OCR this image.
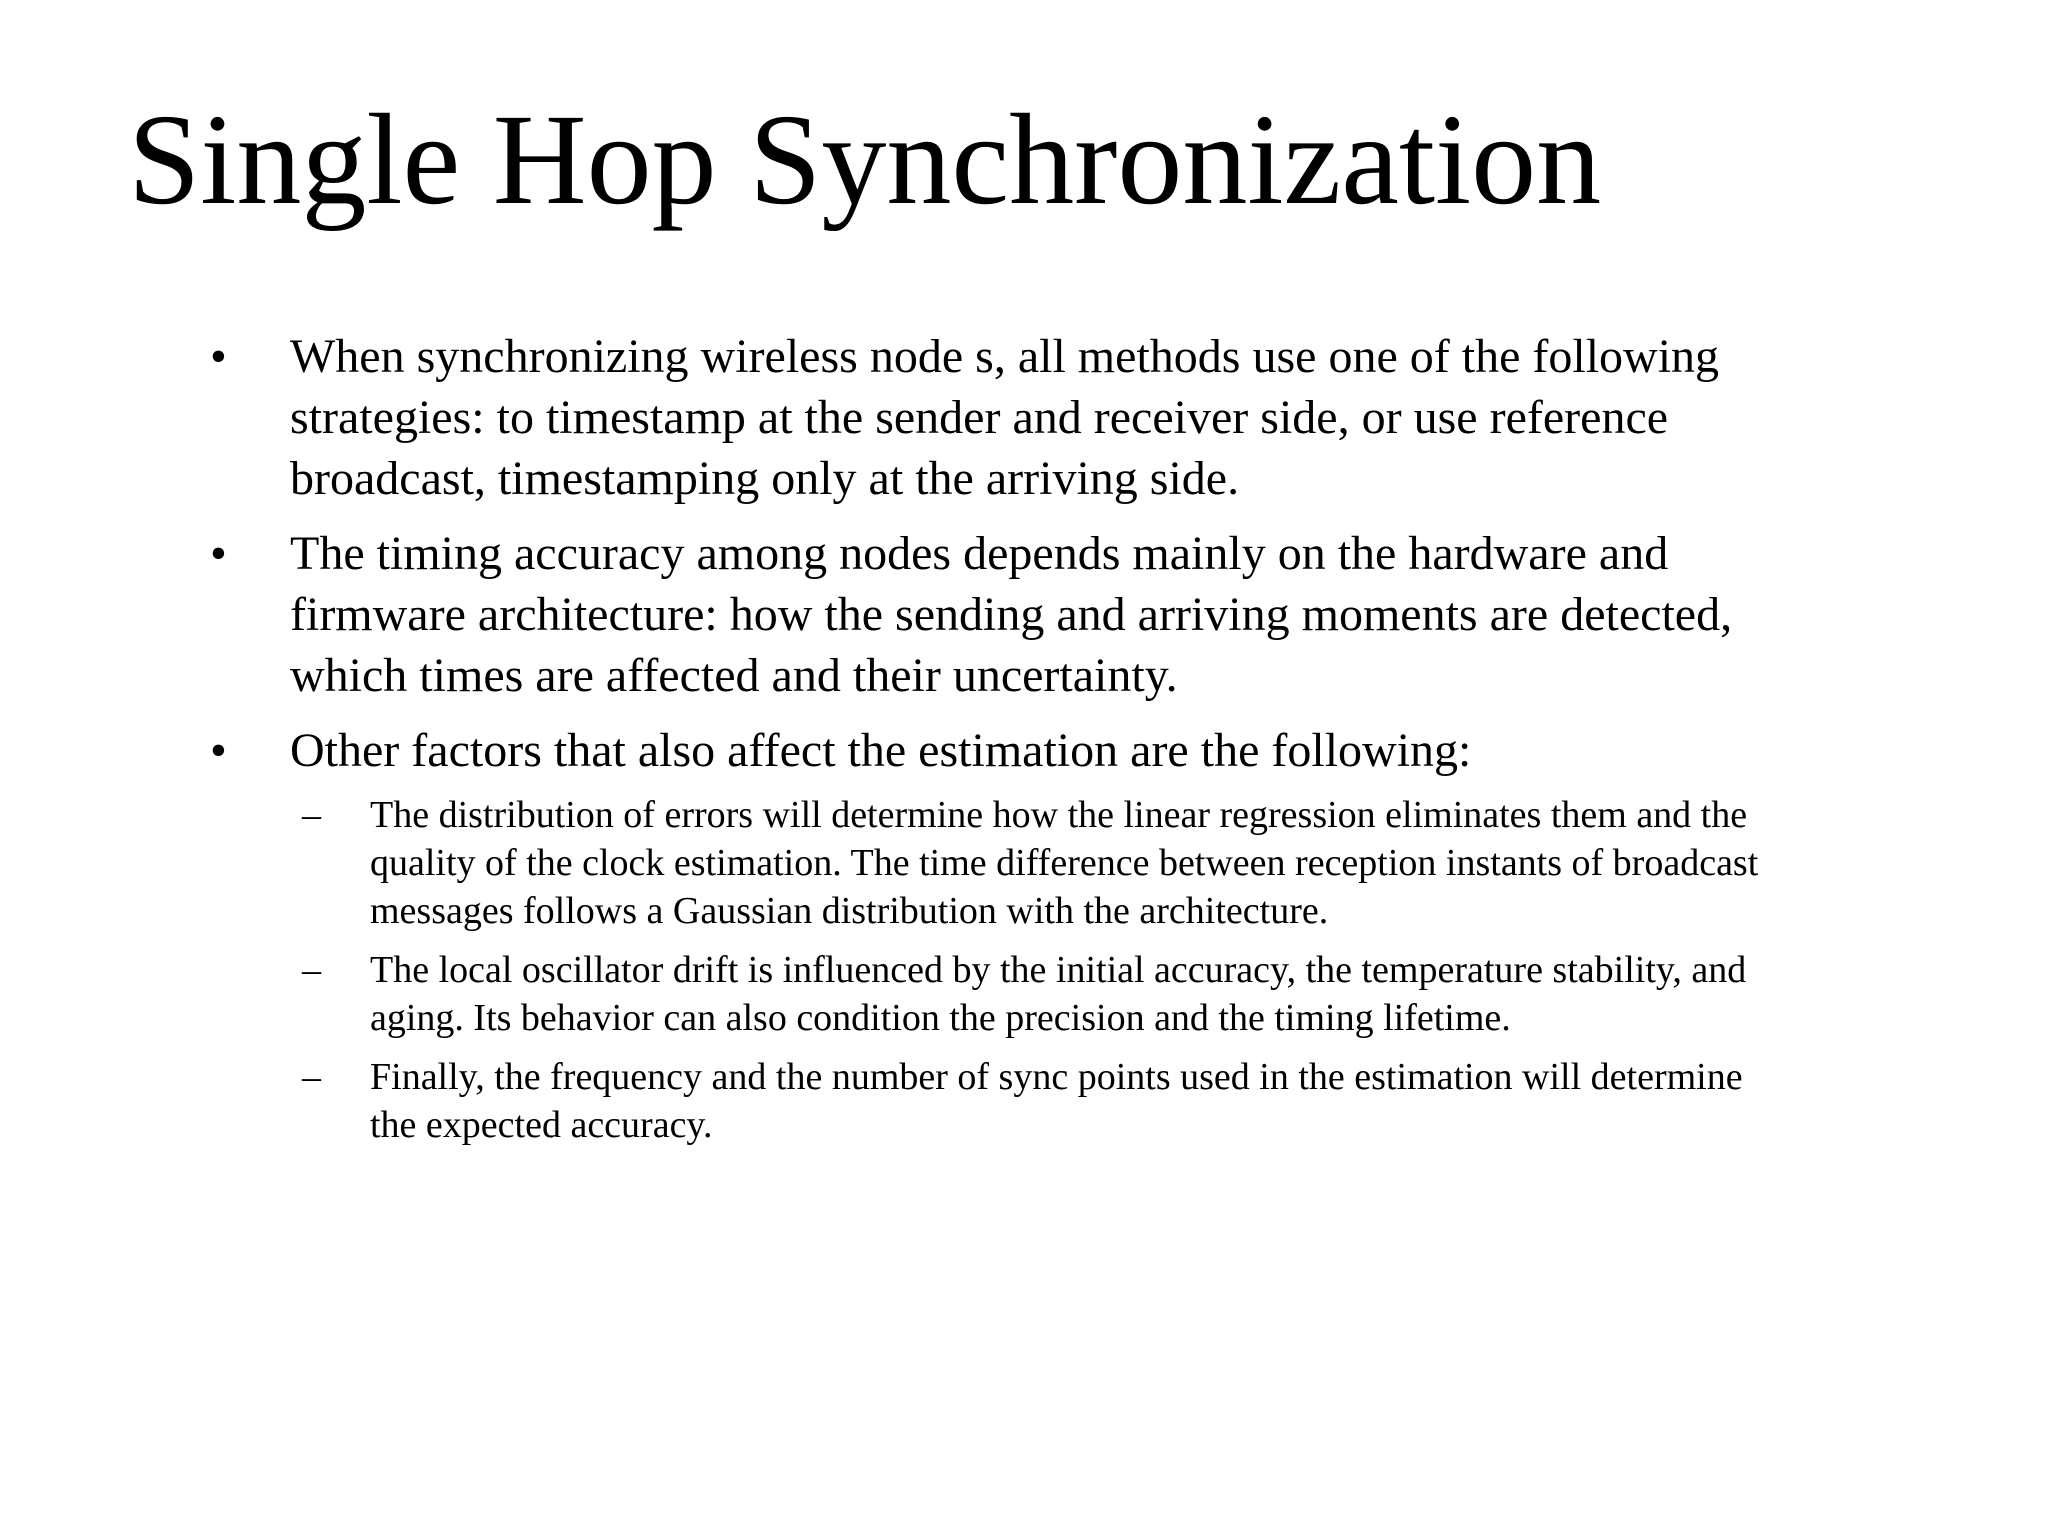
Single Hop Synchronization
• When synchronizing wireless node s, all methods use one of the following strategies: to timestamp at the sender and receiver side, or use reference broadcast, timestamping only at the arriving side.
• The timing accuracy among nodes depends mainly on the hardware and firmware architecture: how the sending and arriving moments are detected, which times are affected and their uncertainty.
• Other factors that also affect the estimation are the following:
– The distribution of errors will determine how the linear regression eliminates them and the quality of the clock estimation. The time difference between reception instants of broadcast messages follows a Gaussian distribution with the architecture.
– The local oscillator drift is influenced by the initial accuracy, the temperature stability, and aging. Its behavior can also condition the precision and the timing lifetime.
– Finally, the frequency and the number of sync points used in the estimation will determine the expected accuracy.
